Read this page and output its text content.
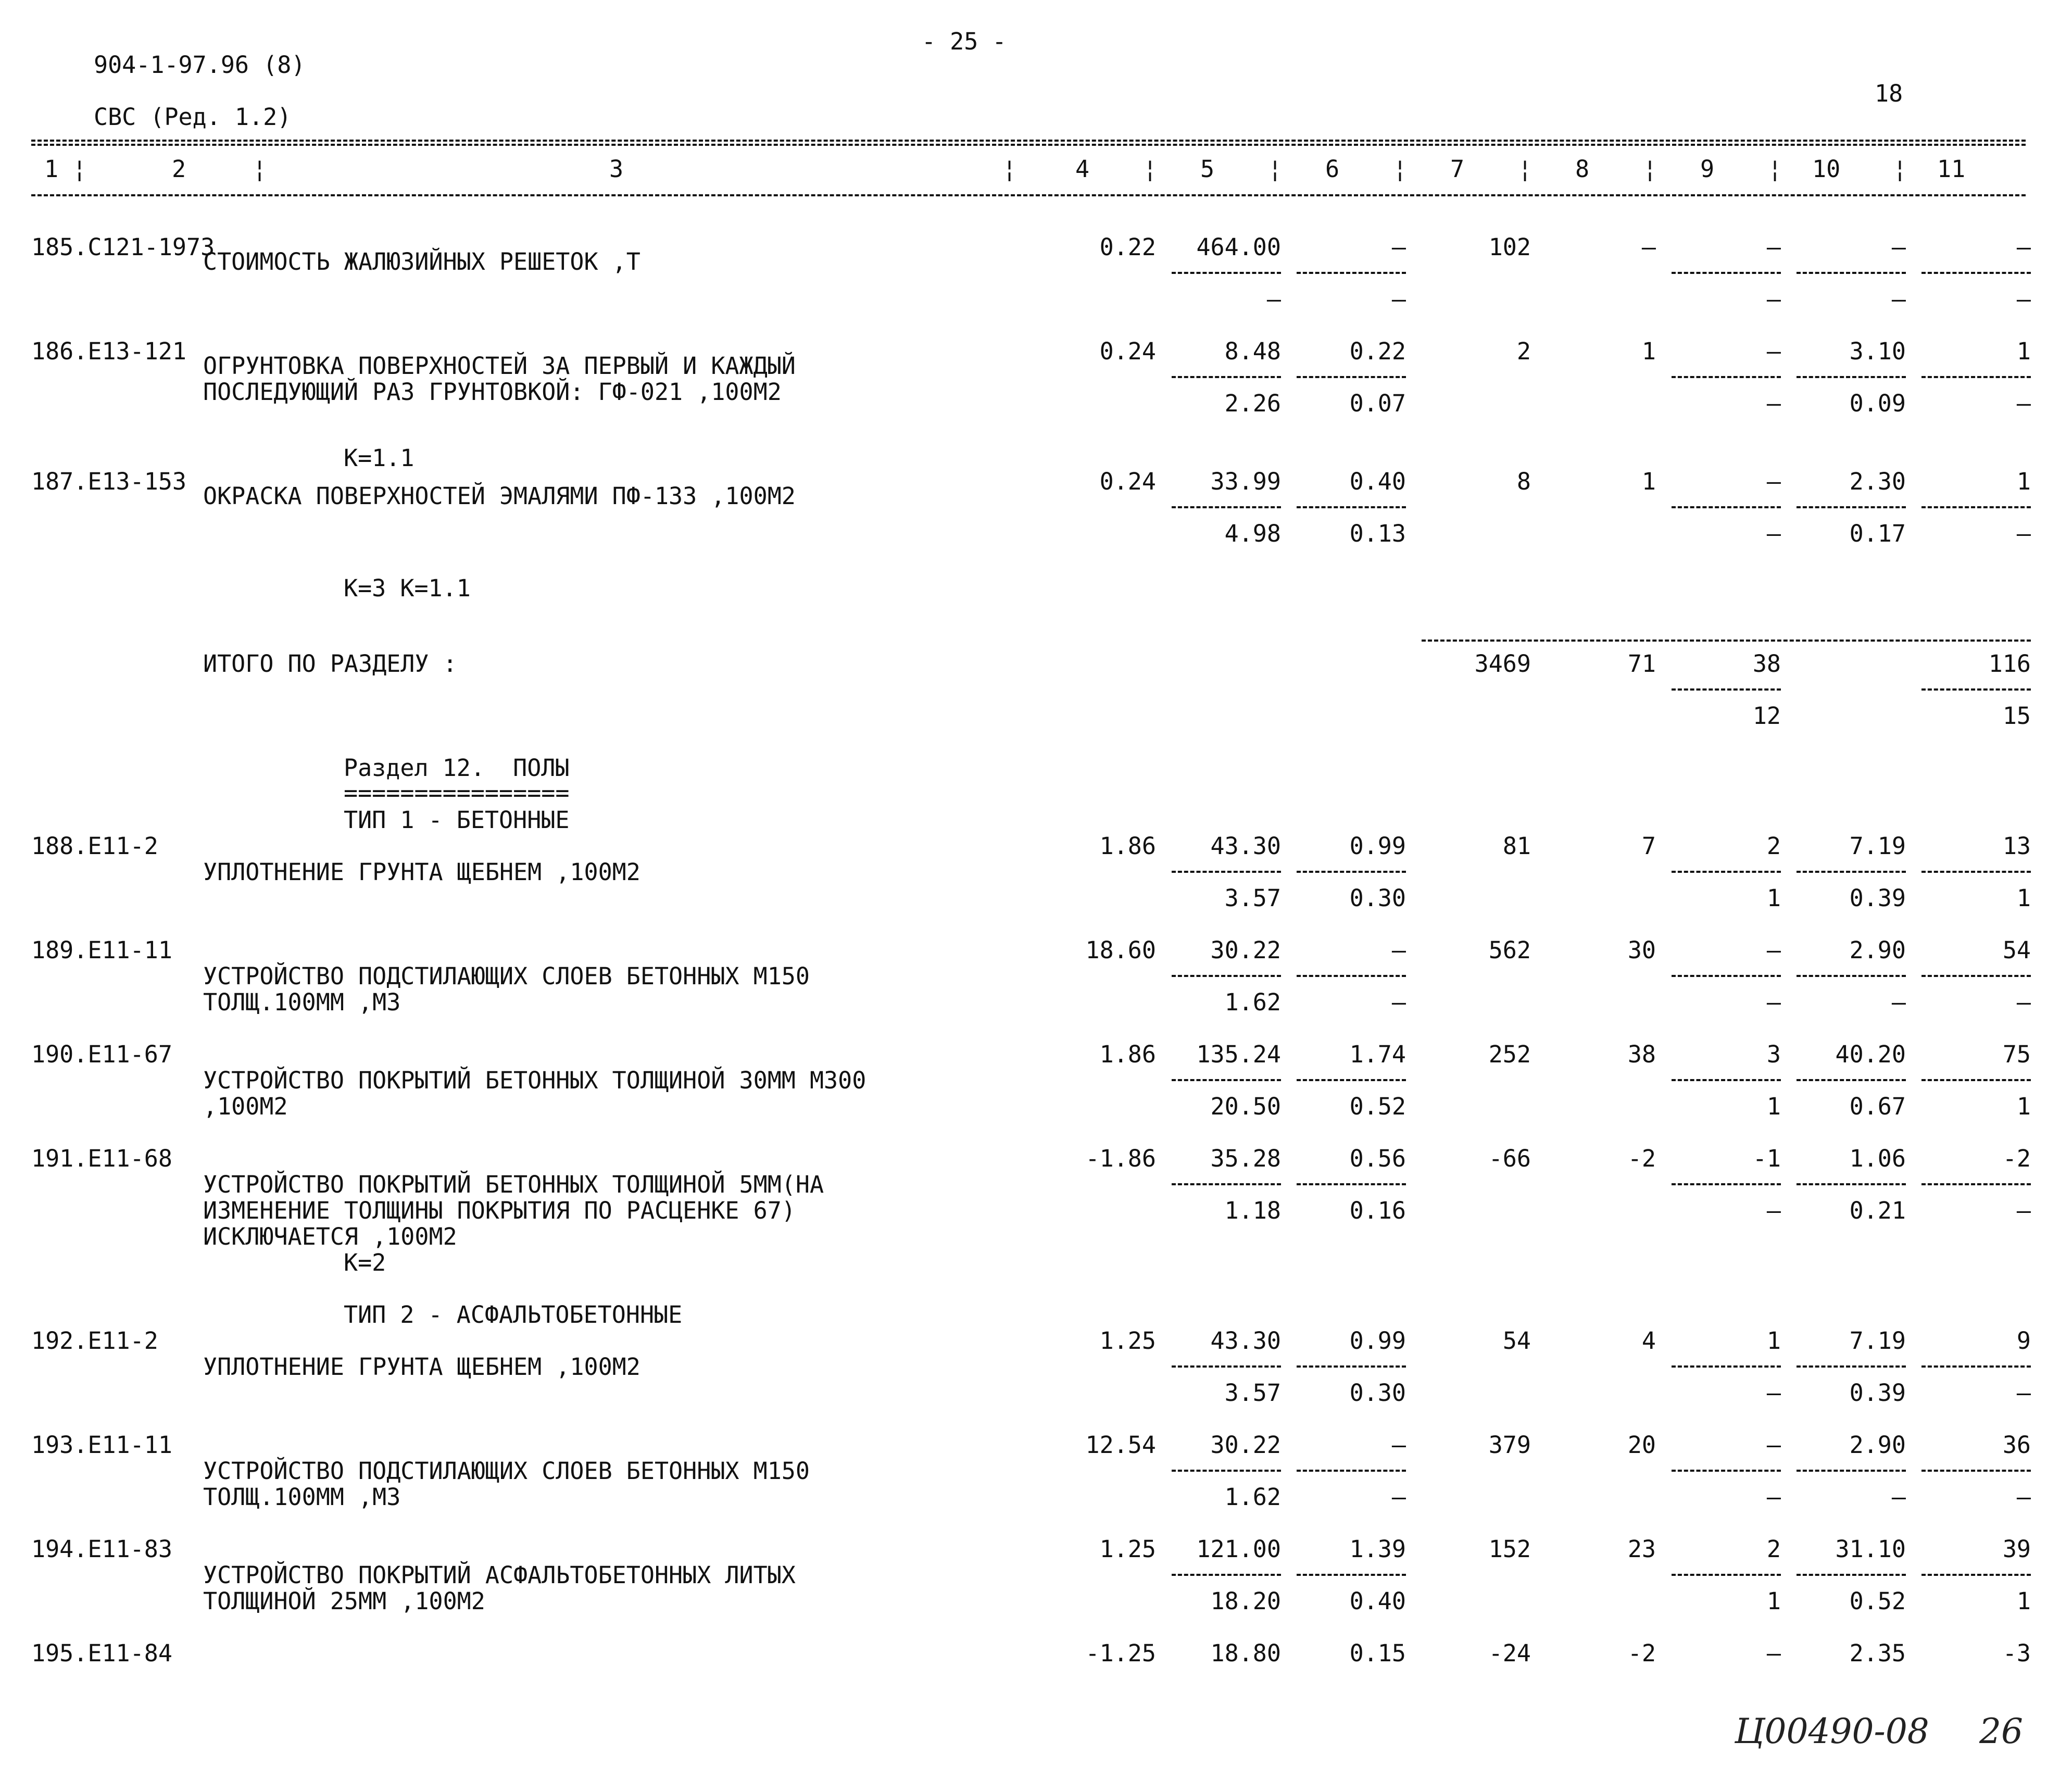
- 25 -
904-1-97.96 (8)
18
СВС (Ред. 1.2)
1 ¦	2	¦	3	¦	4 ¦ 5 ¦ 6 ¦ 7 ¦ 8 ¦ 9 ¦ 10 ¦ 11
185.С121-1973
СТОИМОСТЬ ЖАЛЮЗИЙНЫХ РЕШЕТОК ,Т
0.22	464.00	–	102	–	–	–	–
–	–	–	–	–
186.Е13-121
ОГРУНТОВКА ПОВЕРХНОСТЕЙ ЗА ПЕРВЫЙ И КАЖДЫЙ
ПОСЛЕДУЮЩИЙ РАЗ ГРУНТОВКОЙ: ГФ-021 ,100М2
0.24	8.48	0.22	2	1	–	3.10	1
2.26	0.07	–	0.09	–
К=1.1
187.Е13-153
ОКРАСКА ПОВЕРХНОСТЕЙ ЭМАЛЯМИ ПФ-133 ,100М2
0.24	33.99	0.40	8	1	–	2.30	1
4.98	0.13	–	0.17	–
К=3 К=1.1
ИТОГО ПО РАЗДЕЛУ :	3469	71	38	116
12	15
Раздел 12.  ПОЛЫ
================
ТИП 1 - БЕТОННЫЕ
188.Е11-2
УПЛОТНЕНИЕ ГРУНТА ЩЕБНЕМ ,100М2
1.86	43.30	0.99	81	7	2	7.19	13
3.57	0.30	1	0.39	1
189.Е11-11
УСТРОЙСТВО ПОДСТИЛАЮЩИХ СЛОЕВ БЕТОННЫХ М150
ТОЛЩ.100ММ ,М3
18.60	30.22	–	562	30	–	2.90	54
1.62	–	–	–	–
190.Е11-67
УСТРОЙСТВО ПОКРЫТИЙ БЕТОННЫХ ТОЛЩИНОЙ 30ММ М300
,100М2
1.86	135.24	1.74	252	38	3	40.20	75
20.50	0.52	1	0.67	1
191.Е11-68
УСТРОЙСТВО ПОКРЫТИЙ БЕТОННЫХ ТОЛЩИНОЙ 5ММ(НА
ИЗМЕНЕНИЕ ТОЛЩИНЫ ПОКРЫТИЯ ПО РАСЦЕНКЕ 67)
ИСКЛЮЧАЕТСЯ ,100М2
-1.86	35.28	0.56	-66	-2	-1	1.06	-2
1.18	0.16	–	0.21	–
К=2
192.Е11-2
УПЛОТНЕНИЕ ГРУНТА ЩЕБНЕМ ,100М2
1.25	43.30	0.99	54	4	1	7.19	9
3.57	0.30	–	0.39	–
193.Е11-11
УСТРОЙСТВО ПОДСТИЛАЮЩИХ СЛОЕВ БЕТОННЫХ М150
ТОЛЩ.100ММ ,М3
12.54	30.22	–	379	20	–	2.90	36
1.62	–	–	–	–
194.Е11-83
УСТРОЙСТВО ПОКРЫТИЙ АСФАЛЬТОБЕТОННЫХ ЛИТЫХ
ТОЛЩИНОЙ 25ММ ,100М2
1.25	121.00	1.39	152	23	2	31.10	39
18.20	0.40	1	0.52	1
195.Е11-84	-1.25	18.80	0.15	-24	-2	–	2.35	-3
ТИП 2 - АСФАЛЬТОБЕТОННЫЕ

Ц00490-08 26
